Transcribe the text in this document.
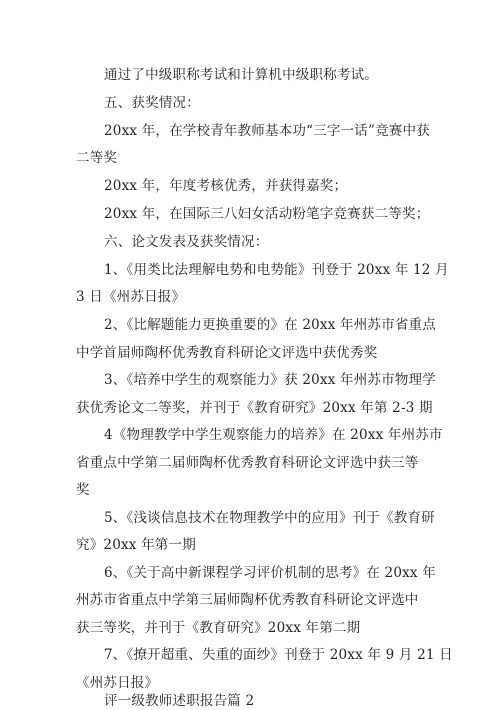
通过了中级职称考试和计算机中级职称考试。
五、获奖情况：
20xx 年，在学校青年教师基本功“三字一话”竞赛中获
二等奖
20xx 年，年度考核优秀，并获得嘉奖；
20xx 年，在国际三八妇女活动粉笔字竞赛获二等奖；
六、论文发表及获奖情况：
1、《用类比法理解电势和电势能》刊登于 20xx 年 12 月
3 日《州苏日报》
2、《比解题能力更换重要的》在 20xx 年州苏市省重点
中学首届师陶杯优秀教育科研论文评选中获优秀奖
3、《培养中学生的观察能力》获 20xx 年州苏市物理学
获优秀论文二等奖，并刊于《教育研究》20xx 年第 2-3 期
4《物理教学中学生观察能力的培养》在 20xx 年州苏市
省重点中学第二届师陶杯优秀教育科研论文评选中获三等
奖
5、《浅谈信息技术在物理教学中的应用》刊于《教育研
究》20xx 年第一期
6、《关于高中新课程学习评价机制的思考》在 20xx 年
州苏市省重点中学第三届师陶杯优秀教育科研论文评选中
获三等奖，并刊于《教育研究》20xx 年第二期
7、《撩开超重、失重的面纱》刊登于 20xx 年 9 月 21 日
《州苏日报》
评一级教师述职报告篇 2
